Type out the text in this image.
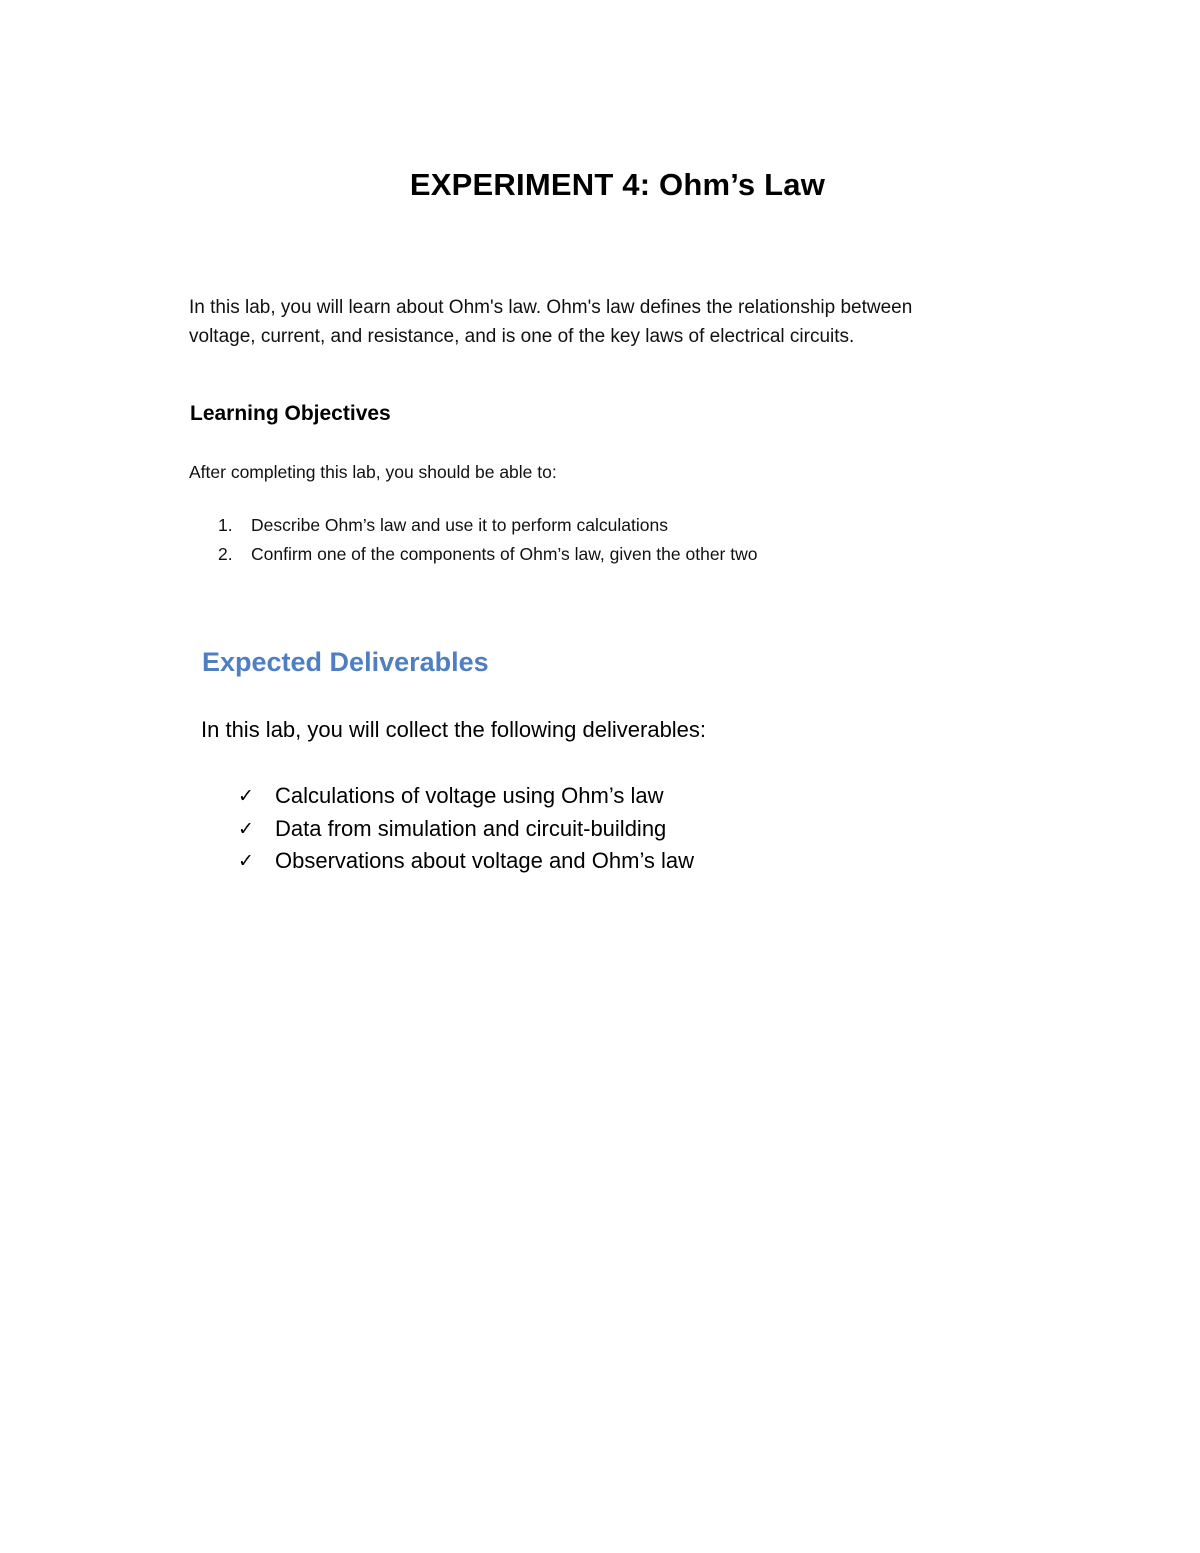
EXPERIMENT 4: Ohm’s Law

In this lab, you will learn about Ohm's law. Ohm's law defines the relationship between
voltage, current, and resistance, and is one of the key laws of electrical circuits.

Learning Objectives

After completing this lab, you should be able to:

1.	Describe Ohm’s law and use it to perform calculations
2.	Confirm one of the components of Ohm’s law, given the other two
Expected Deliverables

In this lab, you will collect the following deliverables:

✓ Calculations of voltage using Ohm’s law
✓ Data from simulation and circuit-building
✓ Observations about voltage and Ohm’s law
